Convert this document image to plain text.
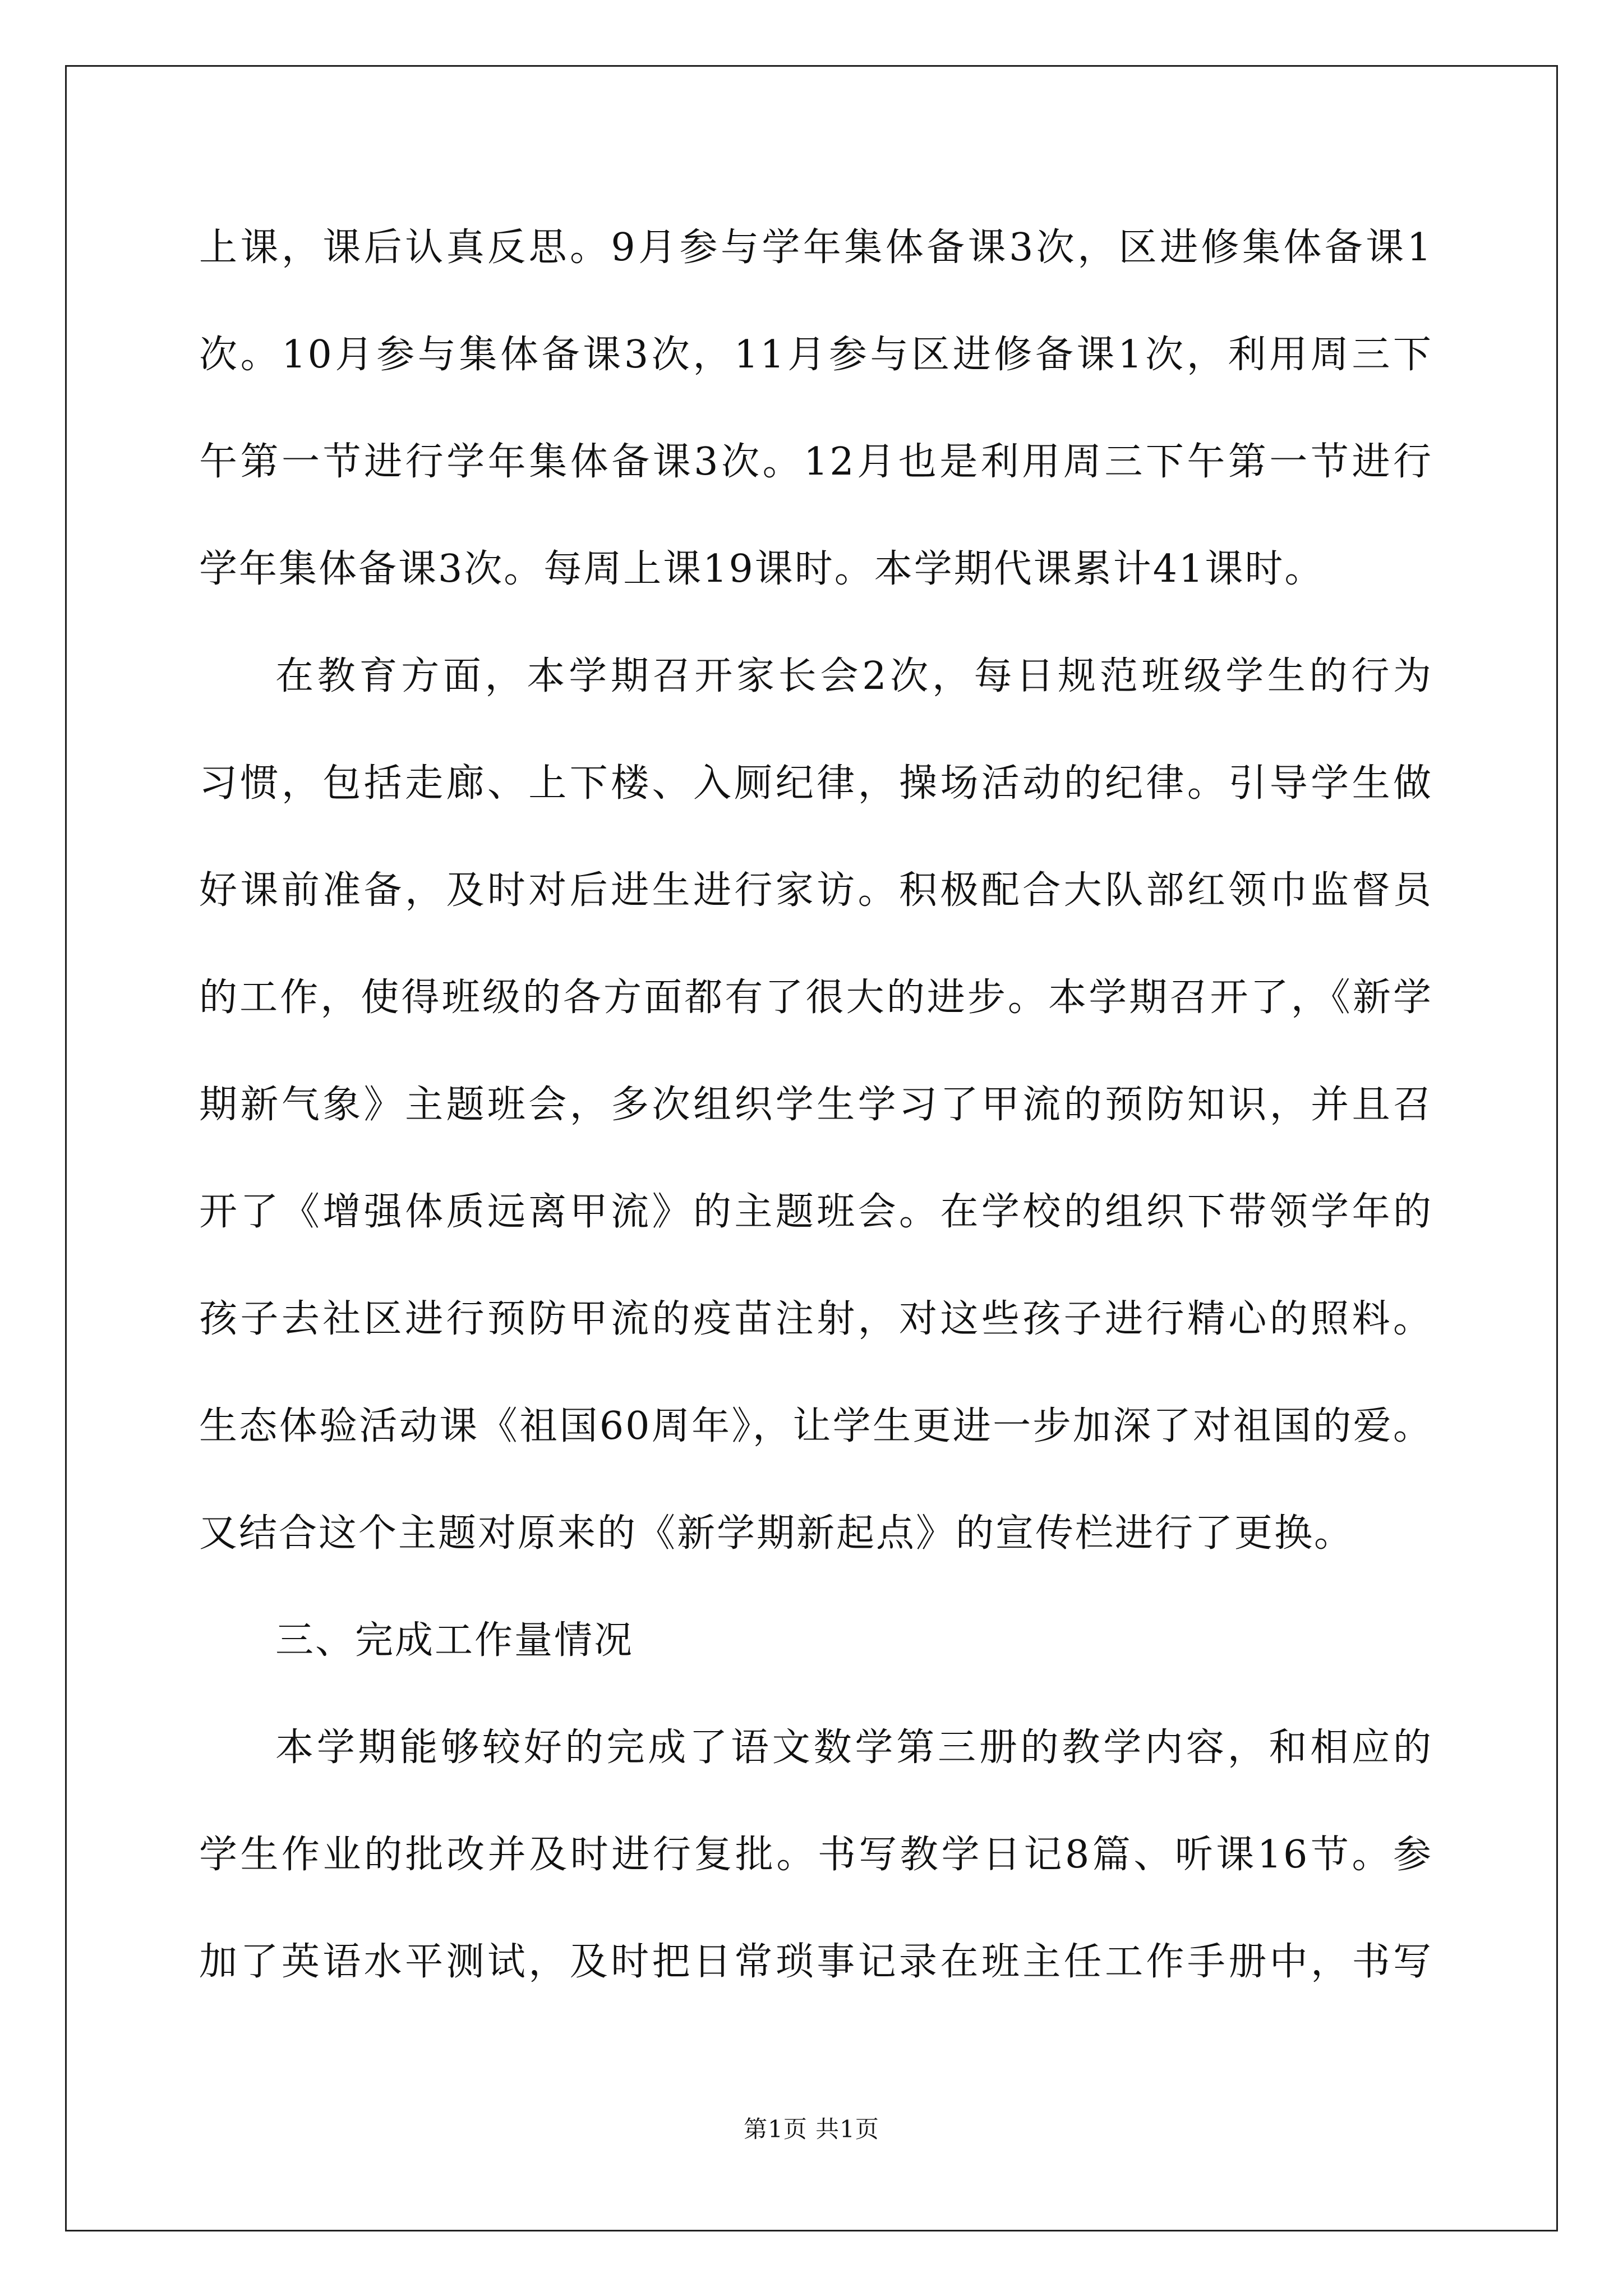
上课，课后认真反思。9月参与学年集体备课3次，区进修集体备课1
次。10月参与集体备课3次，11月参与区进修备课1次，利用周三下
午第一节进行学年集体备课3次。12月也是利用周三下午第一节进行
学年集体备课3次。每周上课19课时。本学期代课累计41课时。
在教育方面，本学期召开家长会2次，每日规范班级学生的行为
习惯，包括走廊、上下楼、入厕纪律，操场活动的纪律。引导学生做
好课前准备，及时对后进生进行家访。积极配合大队部红领巾监督员
的工作，使得班级的各方面都有了很大的进步。本学期召开了，《新学
期新气象》主题班会，多次组织学生学习了甲流的预防知识，并且召
开了《增强体质远离甲流》的主题班会。在学校的组织下带领学年的
孩子去社区进行预防甲流的疫苗注射，对这些孩子进行精心的照料。
生态体验活动课《祖国60周年》，让学生更进一步加深了对祖国的爱。
又结合这个主题对原来的《新学期新起点》的宣传栏进行了更换。
三、完成工作量情况
本学期能够较好的完成了语文数学第三册的教学内容，和相应的
学生作业的批改并及时进行复批。书写教学日记8篇、听课16节。参
加了英语水平测试，及时把日常琐事记录在班主任工作手册中，书写
第1页 共1页
